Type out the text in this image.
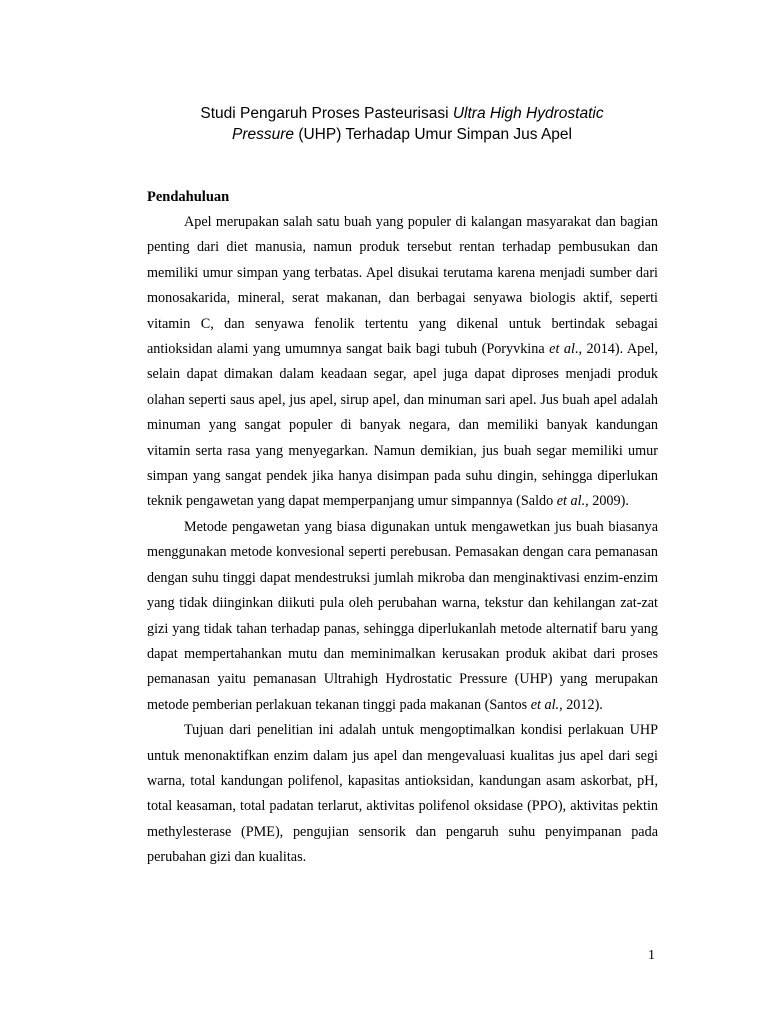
Studi Pengaruh Proses Pasteurisasi Ultra High Hydrostatic
Pressure (UHP) Terhadap Umur Simpan Jus Apel
Pendahuluan

Apel merupakan salah satu buah yang populer di kalangan masyarakat dan bagian penting dari diet manusia, namun produk tersebut rentan terhadap pembusukan dan memiliki umur simpan yang terbatas. Apel disukai terutama karena menjadi sumber dari monosakarida, mineral, serat makanan, dan berbagai senyawa biologis aktif, seperti vitamin C, dan senyawa fenolik tertentu yang dikenal untuk bertindak sebagai antioksidan alami yang umumnya sangat baik bagi tubuh (Poryvkina et al., 2014). Apel, selain dapat dimakan dalam keadaan segar, apel juga dapat diproses menjadi produk olahan seperti saus apel, jus apel, sirup apel, dan minuman sari apel. Jus buah apel adalah minuman yang sangat populer di banyak negara, dan memiliki banyak kandungan vitamin serta rasa yang menyegarkan. Namun demikian, jus buah segar memiliki umur simpan yang sangat pendek jika hanya disimpan pada suhu dingin, sehingga diperlukan teknik pengawetan yang dapat memperpanjang umur simpannya (Saldo et al., 2009).

Metode pengawetan yang biasa digunakan untuk mengawetkan jus buah biasanya menggunakan metode konvesional seperti perebusan. Pemasakan dengan cara pemanasan dengan suhu tinggi dapat mendestruksi jumlah mikroba dan menginaktivasi enzim-enzim yang tidak diinginkan diikuti pula oleh perubahan warna, tekstur dan kehilangan zat-zat gizi yang tidak tahan terhadap panas, sehingga diperlukanlah metode alternatif baru yang dapat mempertahankan mutu dan meminimalkan kerusakan produk akibat dari proses pemanasan yaitu pemanasan Ultrahigh Hydrostatic Pressure (UHP) yang merupakan metode pemberian perlakuan tekanan tinggi pada makanan (Santos et al., 2012).

Tujuan dari penelitian ini adalah untuk mengoptimalkan kondisi perlakuan UHP untuk menonaktifkan enzim dalam jus apel dan mengevaluasi kualitas jus apel dari segi warna, total kandungan polifenol, kapasitas antioksidan, kandungan asam askorbat, pH, total keasaman, total padatan terlarut, aktivitas polifenol oksidase (PPO), aktivitas pektin methylesterase (PME), pengujian sensorik dan pengaruh suhu penyimpanan pada perubahan gizi dan kualitas.

1
